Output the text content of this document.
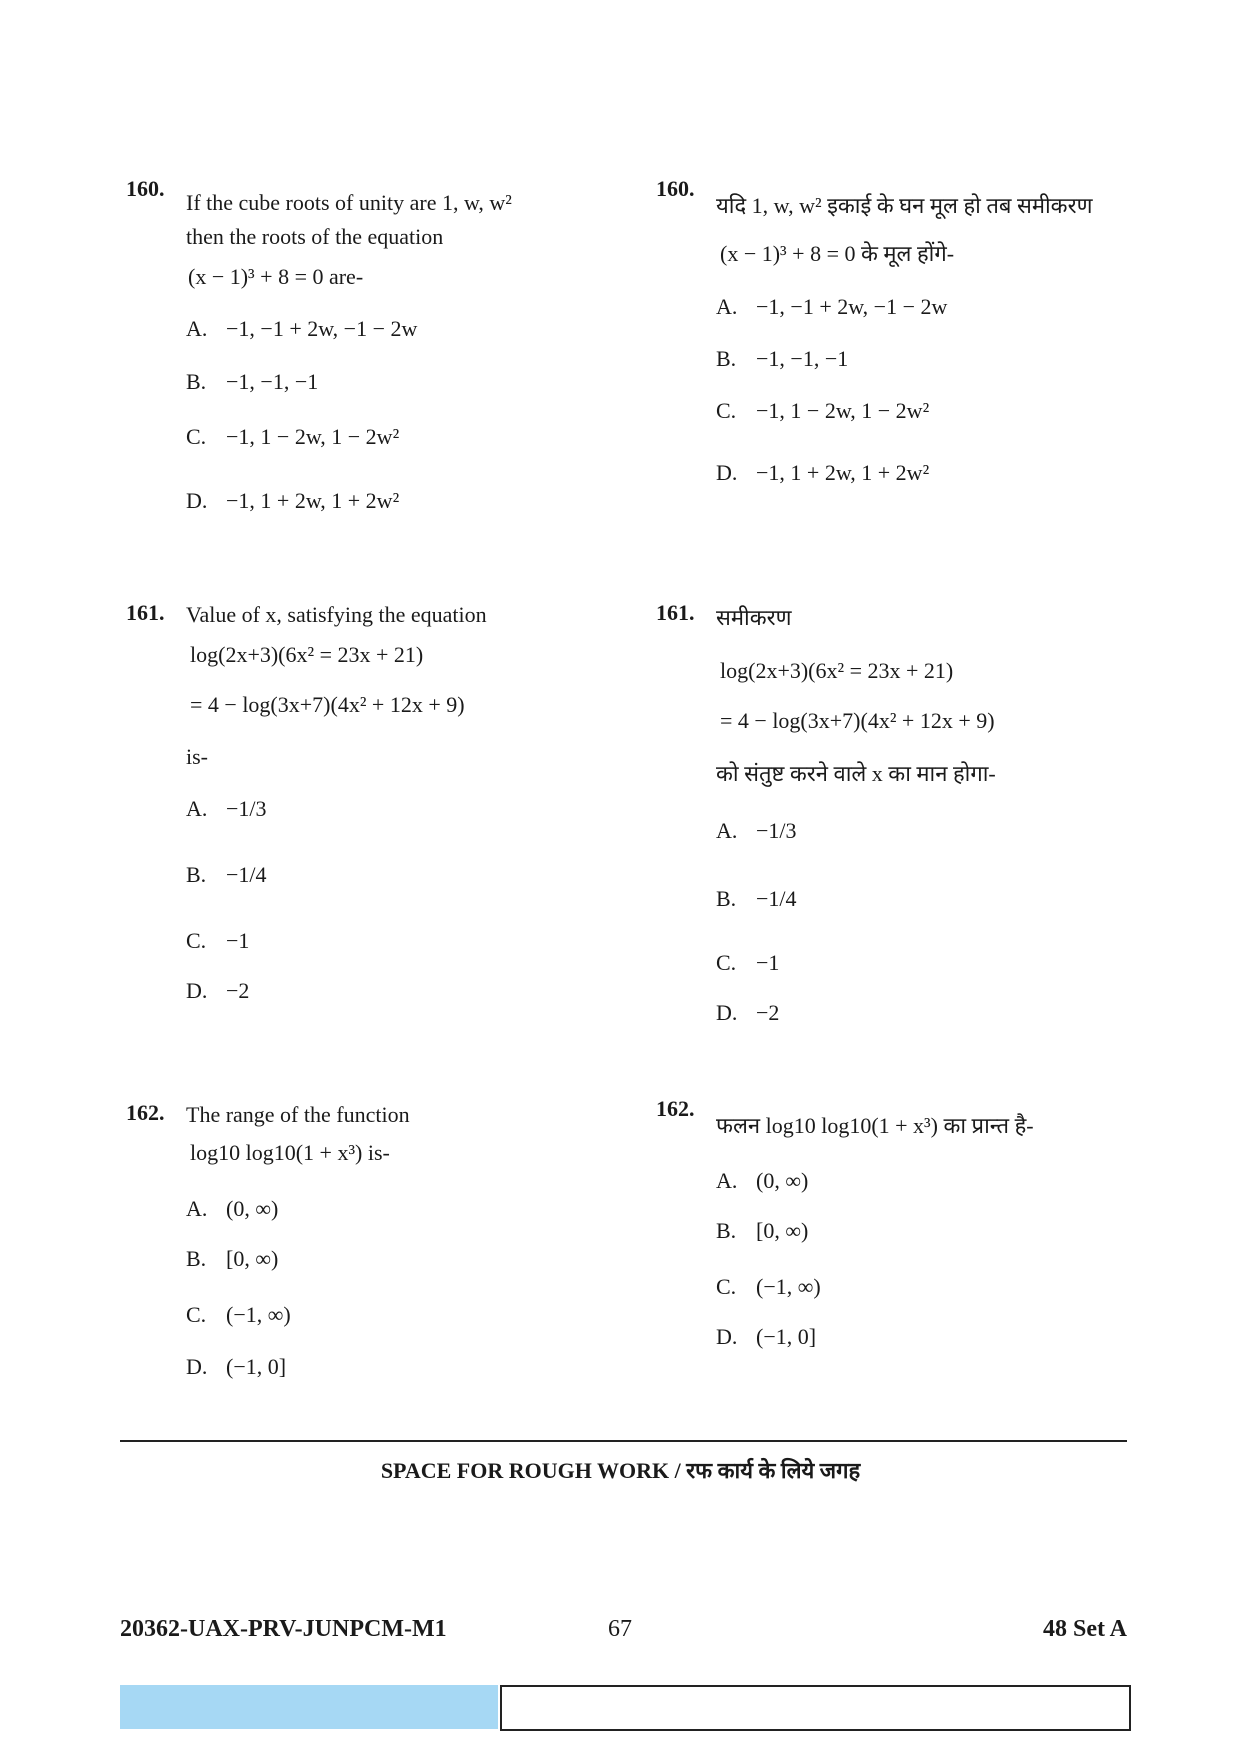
160.
If the cube roots of unity are 1, w, w²
then the roots of the equation
(x − 1)³ + 8 = 0 are-
A. −1, −1 + 2w, −1 − 2w
B. −1, −1, −1
C. −1, 1 − 2w, 1 − 2w²
D. −1, 1 + 2w, 1 + 2w²
161. Value of x, satisfying the equation
log(2x+3)(6x² = 23x + 21)
= 4 − log(3x+7)(4x² + 12x + 9)
is-
A. −1/3
B. −1/4
C. −1
D. −2
162. The range of the function
log10 log10(1 + x³) is-
A. (0, ∞)
B. [0, ∞)
C. (−1, ∞)
D. (−1, 0]
160.
यदि 1, w, w² इकाई के घन मूल हो तब समीकरण
(x − 1)³ + 8 = 0 के मूल होंगे-
A. −1, −1 + 2w, −1 − 2w
B. −1, −1, −1
C. −1, 1 − 2w, 1 − 2w²
D. −1, 1 + 2w, 1 + 2w²
161. समीकरण
log(2x+3)(6x² = 23x + 21)
= 4 − log(3x+7)(4x² + 12x + 9)
को संतुष्ट करने वाले x का मान होगा-
A. −1/3
B. −1/4
C. −1
D. −2
162.
फलन log10 log10(1 + x³) का प्रान्त है-
A. (0, ∞)
B. [0, ∞)
C. (−1, ∞)
D. (−1, 0]
SPACE FOR ROUGH WORK / रफ कार्य के लिये जगह
20362-UAX-PRV-JUNPCM-M1	67	48 Set A
